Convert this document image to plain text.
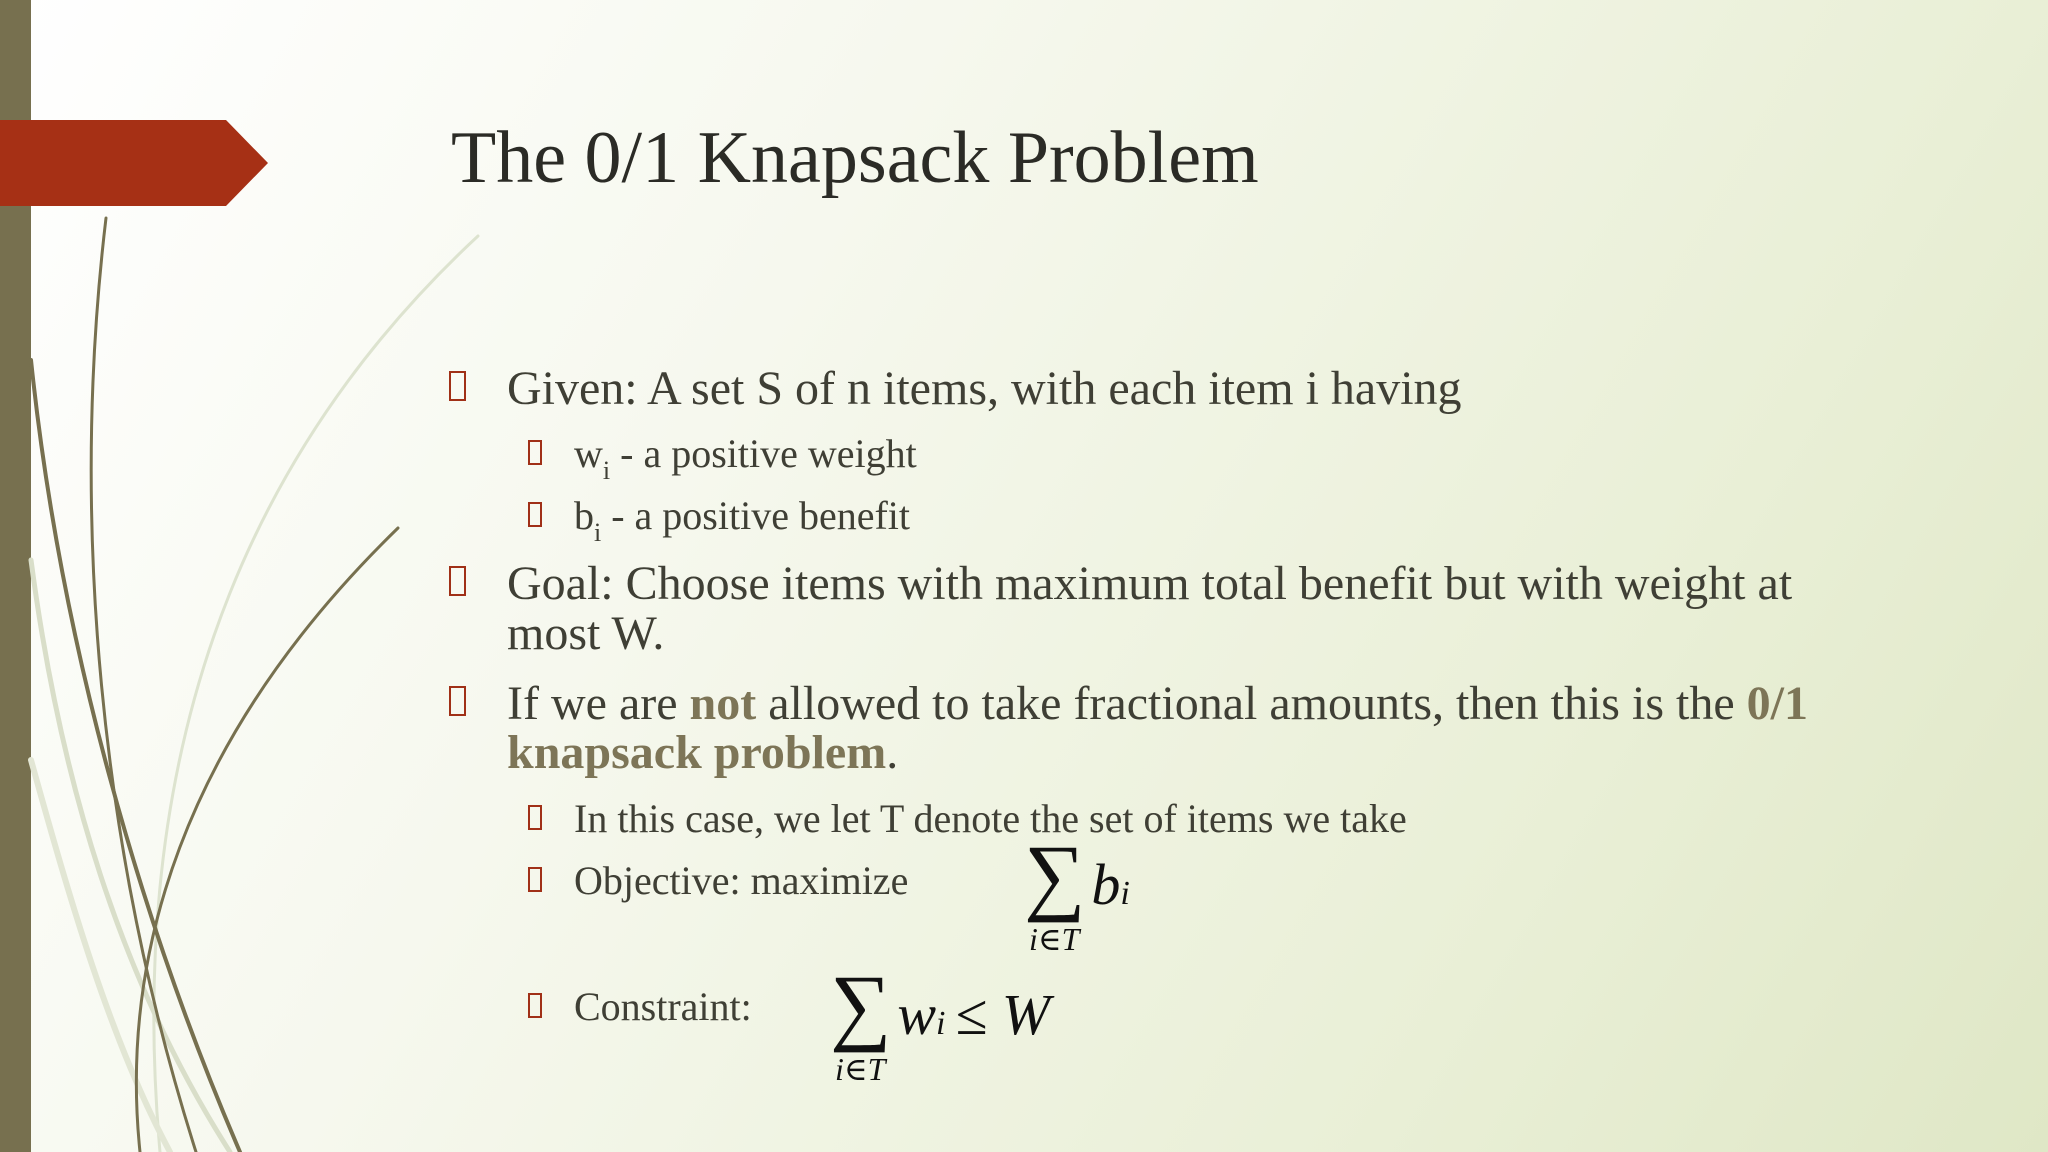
The 0/1 Knapsack Problem

Given: A set S of n items, with each item i having

$w_i$ - a positive weight

$b_i$ - a positive benefit

Goal: Choose items with maximum total benefit but with weight at

most W.

If we are not allowed to take fractional amounts, then this is the 0/1

knapsack problem.

In this case, we let T denote the set of items we take

Objective: maximize ∑ bi
i∈T

Constraint: ∑ wi ≤ W
i∈T
